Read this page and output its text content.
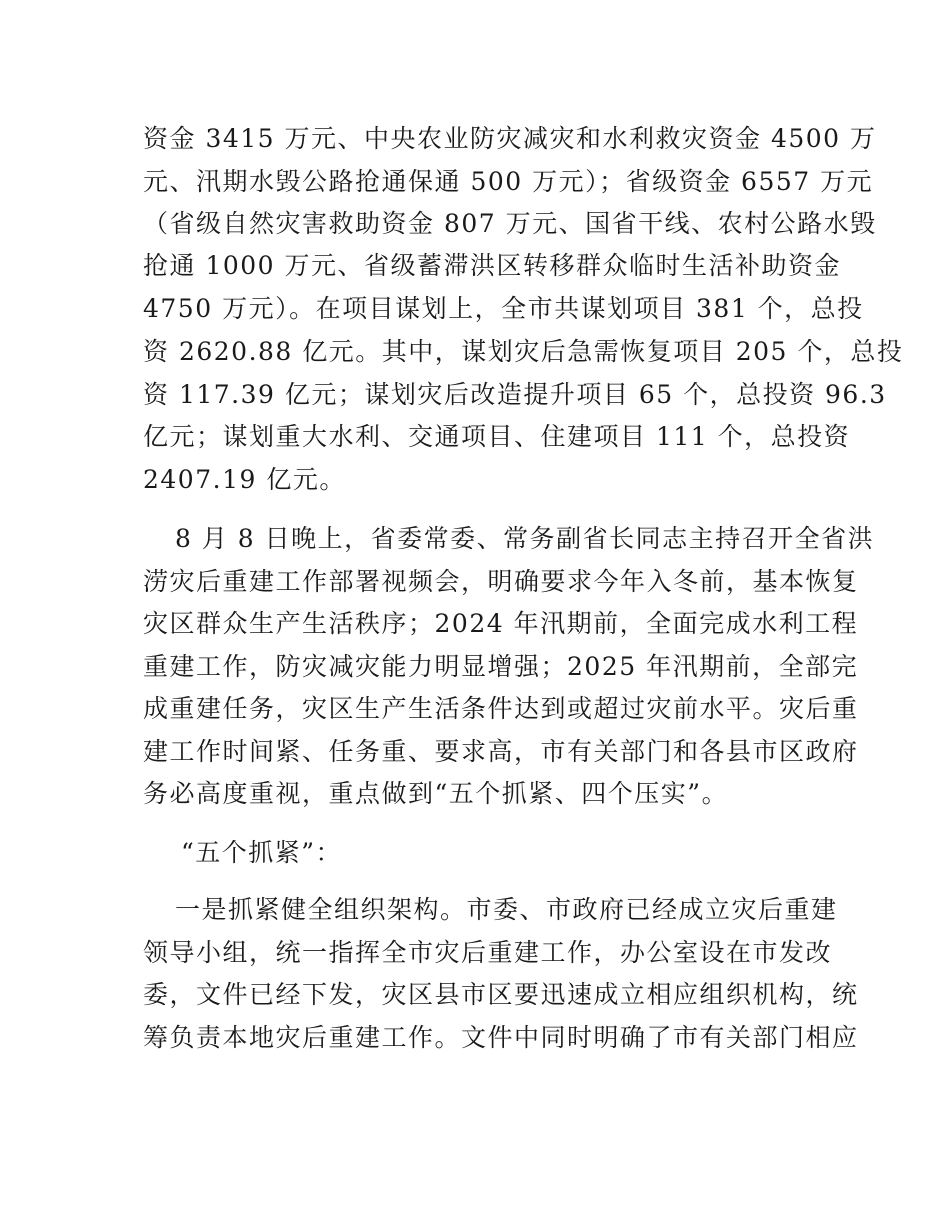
资金 3415 万元、中央农业防灾减灾和水利救灾资金 4500 万
元、汛期水毁公路抢通保通 500 万元）；省级资金 6557 万元
（省级自然灾害救助资金 807 万元、国省干线、农村公路水毁
抢通 1000 万元、省级蓄滞洪区转移群众临时生活补助资金
4750 万元）。在项目谋划上，全市共谋划项目 381 个，总投
资 2620.88 亿元。其中，谋划灾后急需恢复项目 205 个，总投
资 117.39 亿元；谋划灾后改造提升项目 65 个，总投资 96.3
亿元；谋划重大水利、交通项目、住建项目 111 个，总投资
2407.19 亿元。
8 月 8 日晚上，省委常委、常务副省长同志主持召开全省洪
涝灾后重建工作部署视频会，明确要求今年入冬前，基本恢复
灾区群众生产生活秩序；2024 年汛期前，全面完成水利工程
重建工作，防灾减灾能力明显增强；2025 年汛期前，全部完
成重建任务，灾区生产生活条件达到或超过灾前水平。灾后重
建工作时间紧、任务重、要求高，市有关部门和各县市区政府
务必高度重视，重点做到“五个抓紧、四个压实”。
“五个抓紧”：
一是抓紧健全组织架构。市委、市政府已经成立灾后重建
领导小组，统一指挥全市灾后重建工作，办公室设在市发改
委，文件已经下发，灾区县市区要迅速成立相应组织机构，统
筹负责本地灾后重建工作。文件中同时明确了市有关部门相应
